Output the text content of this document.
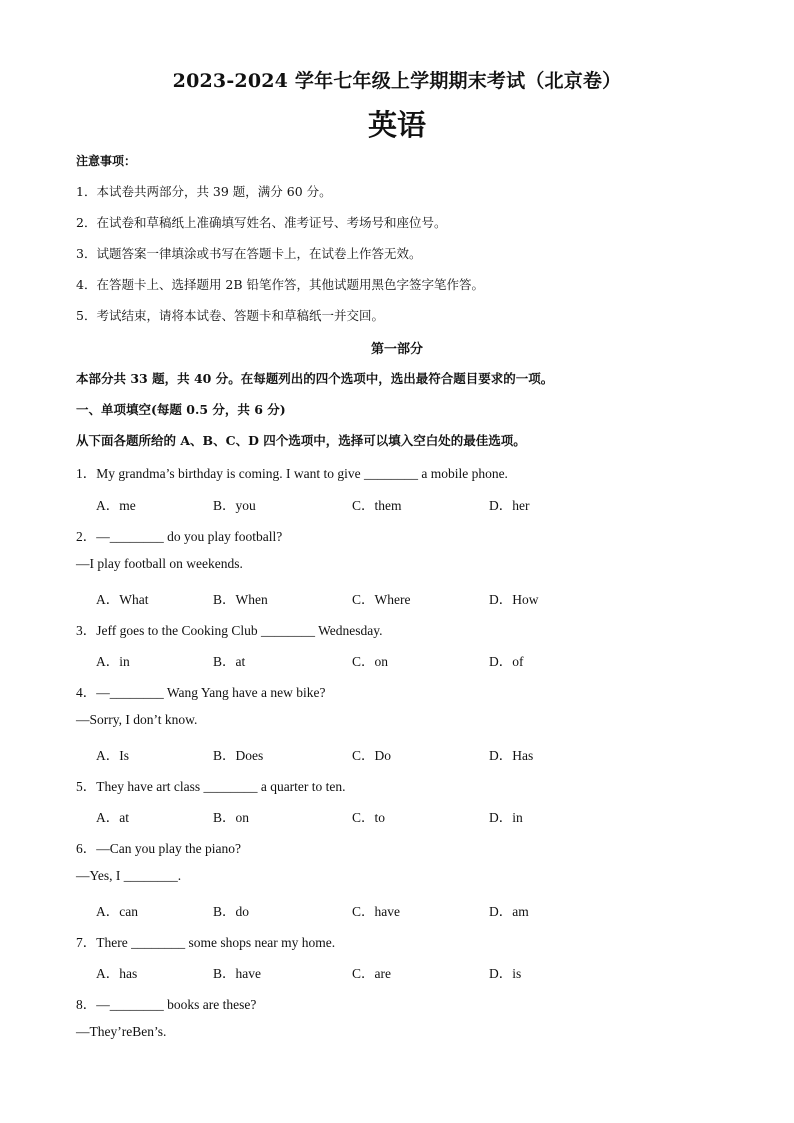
2023-2024 学年七年级上学期期末考试（北京卷）
英语
注意事项：
1．本试卷共两部分，共 39 题，满分 60 分。
2．在试卷和草稿纸上准确填写姓名、准考证号、考场号和座位号。
3．试题答案一律填涂或书写在答题卡上，在试卷上作答无效。
4．在答题卡上、选择题用 2B 铅笔作答，其他试题用黑色字签字笔作答。
5．考试结束，请将本试卷、答题卡和草稿纸一并交回。
第一部分
本部分共 33 题，共 40 分。在每题列出的四个选项中，选出最符合题目要求的一项。
一、单项填空(每题 0.5 分，共 6 分)
从下面各题所给的 A、B、C、D 四个选项中，选择可以填入空白处的最佳选项。
1．My grandma’s birthday is coming. I want to give ________ a mobile phone.
A．me	B．you	C．them	D．her
2．—________ do you play football?
—I play football on weekends.
A．What	B．When	C．Where	D．How
3．Jeff goes to the Cooking Club ________ Wednesday.
A．in	B．at	C．on	D．of
4．—________ Wang Yang have a new bike?
—Sorry, I don’t know.
A．Is	B．Does	C．Do	D．Has
5．They have art class ________ a quarter to ten.
A．at	B．on	C．to	D．in
6．—Can you play the piano?
—Yes, I ________.
A．can	B．do	C．have	D．am
7．There ________ some shops near my home.
A．has	B．have	C．are	D．is
8．—________ books are these?
—They’reBen’s.
